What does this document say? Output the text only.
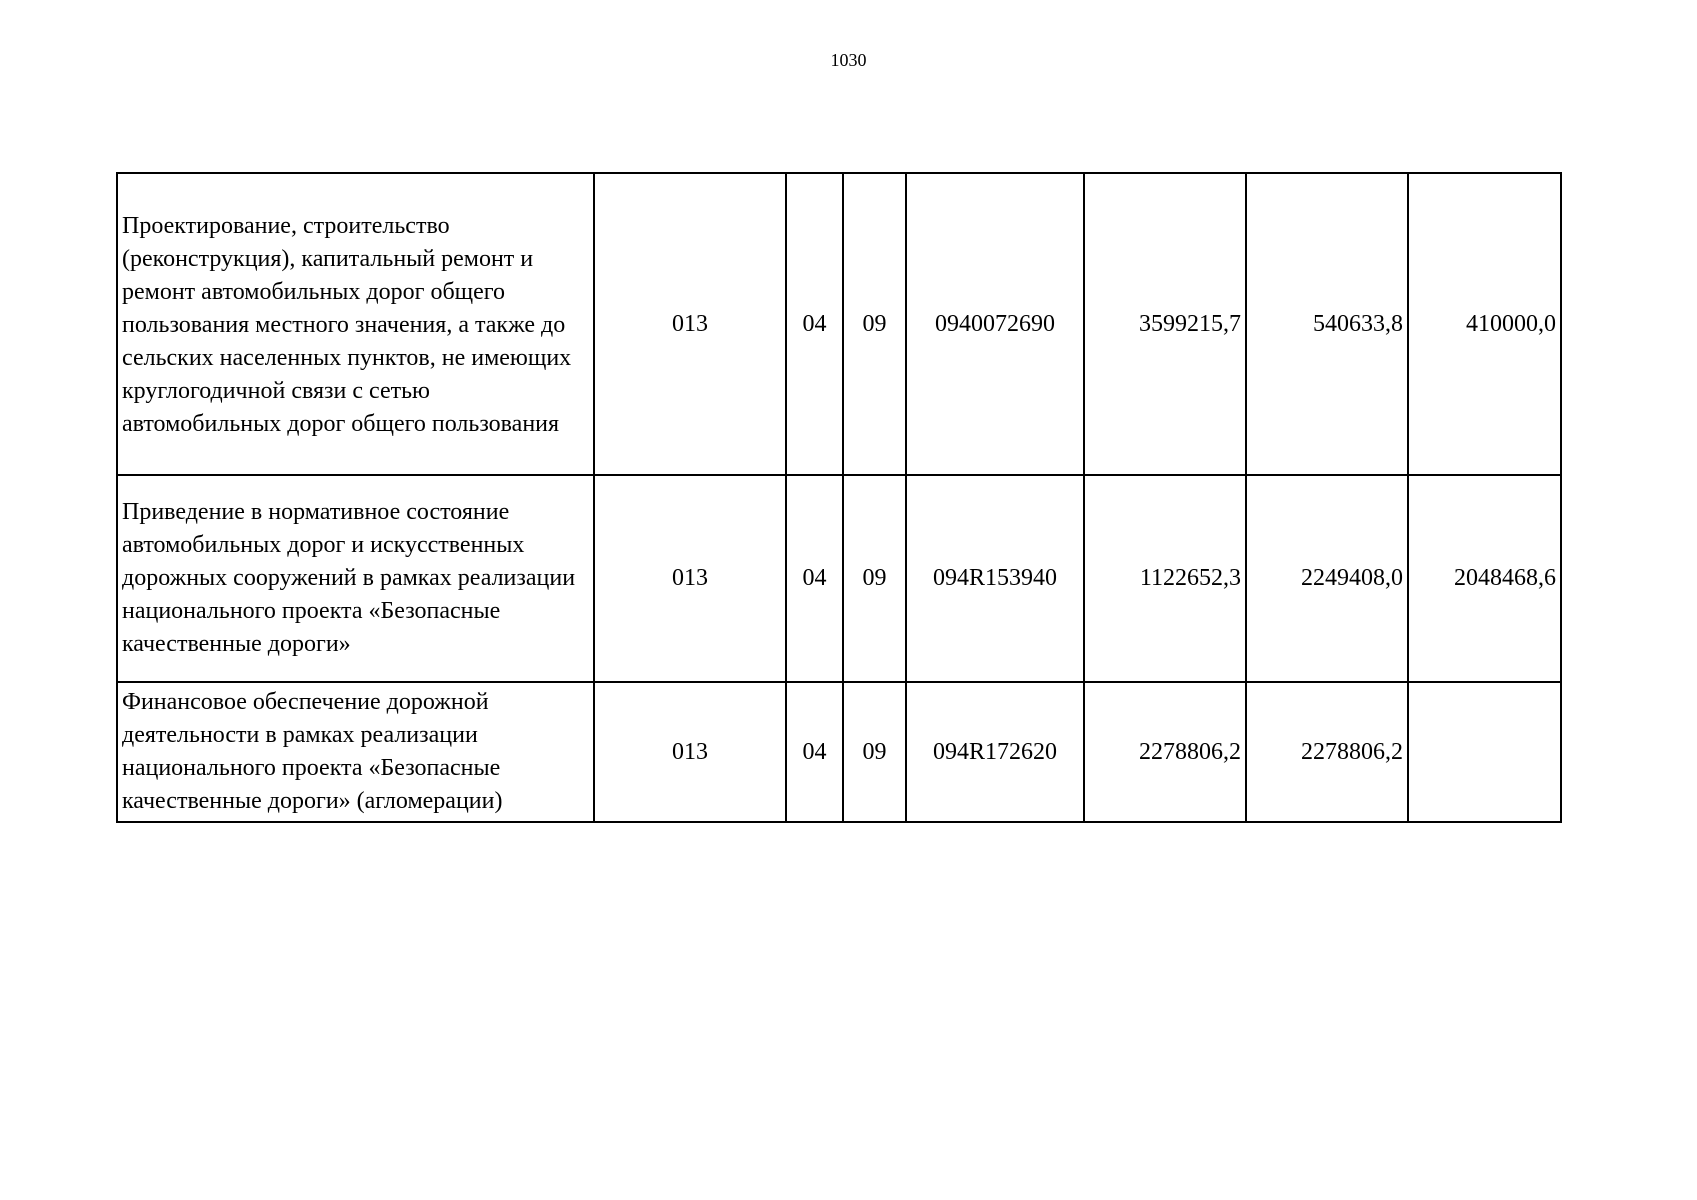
1030
Проектирование, строительство (реконструкция), капитальный ремонт и ремонт автомобильных дорог общего пользования местного значения, а также до сельских населенных пунктов, не имеющих круглогодичной связи с сетью автомобильных дорог общего пользования	013	04	09	0940072690	3599215,7	540633,8	410000,0
Приведение в нормативное состояние автомобильных дорог и искусственных дорожных сооружений в рамках реализации национального проекта «Безопасные качественные дороги»	013	04	09	094R153940	1122652,3	2249408,0	2048468,6
Финансовое обеспечение дорожной деятельности в рамках реализации национального проекта «Безопасные качественные дороги» (агломерации)	013	04	09	094R172620	2278806,2	2278806,2	
